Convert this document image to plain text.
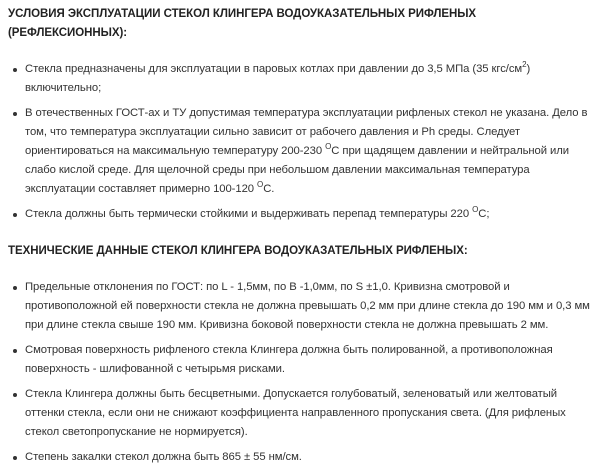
УСЛОВИЯ ЭКСПЛУАТАЦИИ СТЕКОЛ КЛИНГЕРА ВОДОУКАЗАТЕЛЬНЫХ РИФЛЕНЫХ (РЕФЛЕКСИОННЫХ):
Стекла предназначены для эксплуатации в паровых котлах при давлении до 3,5 МПа (35 кгс/$см^2$) включительно;
В отечественных ГОСТ-ах и ТУ допустимая температура эксплуатации рифленых стекол не указана. Дело в том, что температура эксплуатации сильно зависит от рабочего давления и Ph среды. Следует ориентироваться на максимальную температуру 200-230 $^О$С при щадящем давлении и нейтральной или слабо кислой среде. Для щелочной среды при небольшом давлении максимальная температура эксплуатации составляет примерно 100-120 $^О$С.
Стекла должны быть термически стойкими и выдерживать перепад температуры 220 $^О$С;
ТЕХНИЧЕСКИЕ ДАННЫЕ СТЕКОЛ КЛИНГЕРА ВОДОУКАЗАТЕЛЬНЫХ РИФЛЕНЫХ:
Предельные отклонения по ГОСТ: по L - 1,5мм, по B -1,0мм, по S ±1,0. Кривизна смотровой и противоположной ей поверхности стекла не должна превышать 0,2 мм при длине стекла до 190 мм и 0,3 мм при длине стекла свыше 190 мм. Кривизна боковой поверхности стекла не должна превышать 2 мм.
Смотровая поверхность рифленого стекла Клингера должна быть полированной, а противоположная поверхность - шлифованной с четырьмя рисками.
Стекла Клингера должны быть бесцветными. Допускается голубоватый, зеленоватый или желтоватый оттенки стекла, если они не снижают коэффициента направленного пропускания света. (Для рифленых стекол светопропускание не нормируется).
Степень закалки стекол должна быть 865 ± 55 нм/см.
